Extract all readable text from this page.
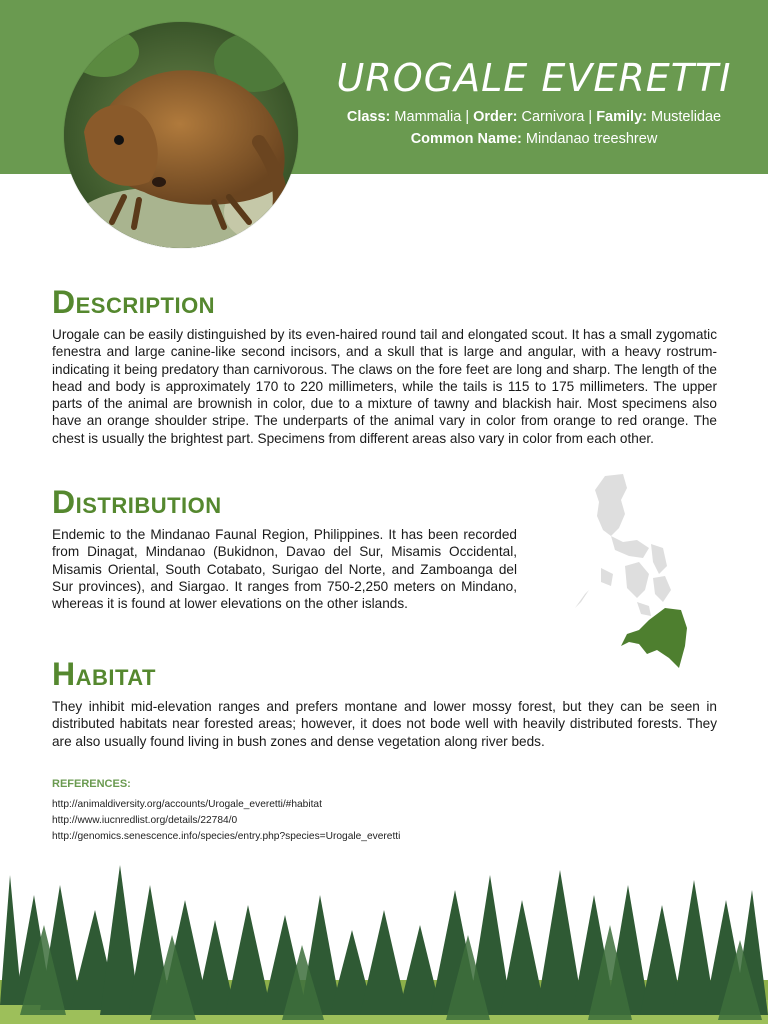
UROGALE EVERETTI
Class: Mammalia | Order: Carnivora | Family: Mustelidae
Common Name: Mindanao treeshrew
DESCRIPTION

Urogale can be easily distinguished by its even-haired round tail and elongated scout. It has a small zygomatic fenestra and large canine-like second incisors, and a skull that is large and angular, with a heavy rostrum-indicating it being predatory than carnivorous. The claws on the fore feet are long and sharp. The length of the head and body is approximately 170 to 220 millimeters, while the tails is 115 to 175 millimeters. The upper parts of the animal are brownish in color, due to a mixture of tawny and blackish hair. Most specimens also have an orange shoulder stripe. The underparts of the animal vary in color from orange to red orange. The chest is usually the brightest part. Specimens from different areas also vary in color from each other.

DISTRIBUTION

Endemic to the Mindanao Faunal Region, Philippines. It has been recorded from Dinagat, Mindanao (Bukidnon, Davao del Sur, Misamis Occidental, Misamis Oriental, South Cotabato, Surigao del Norte, and Zamboanga del Sur provinces), and Siargao. It ranges from 750-2,250 meters on Mindano, whereas it is found at lower elevations on the other islands.

HABITAT

They inhibit mid-elevation ranges and prefers montane and lower mossy forest, but they can be seen in distributed habitats near forested areas; however, it does not bode well with heavily distributed forests. They are also usually found living in bush zones and dense vegetation along river beds.

REFERENCES:

http://animaldiversity.org/accounts/Urogale_everetti/#habitat

http://www.iucnredlist.org/details/22784/0

http://genomics.senescence.info/species/entry.php?species=Urogale_everetti
